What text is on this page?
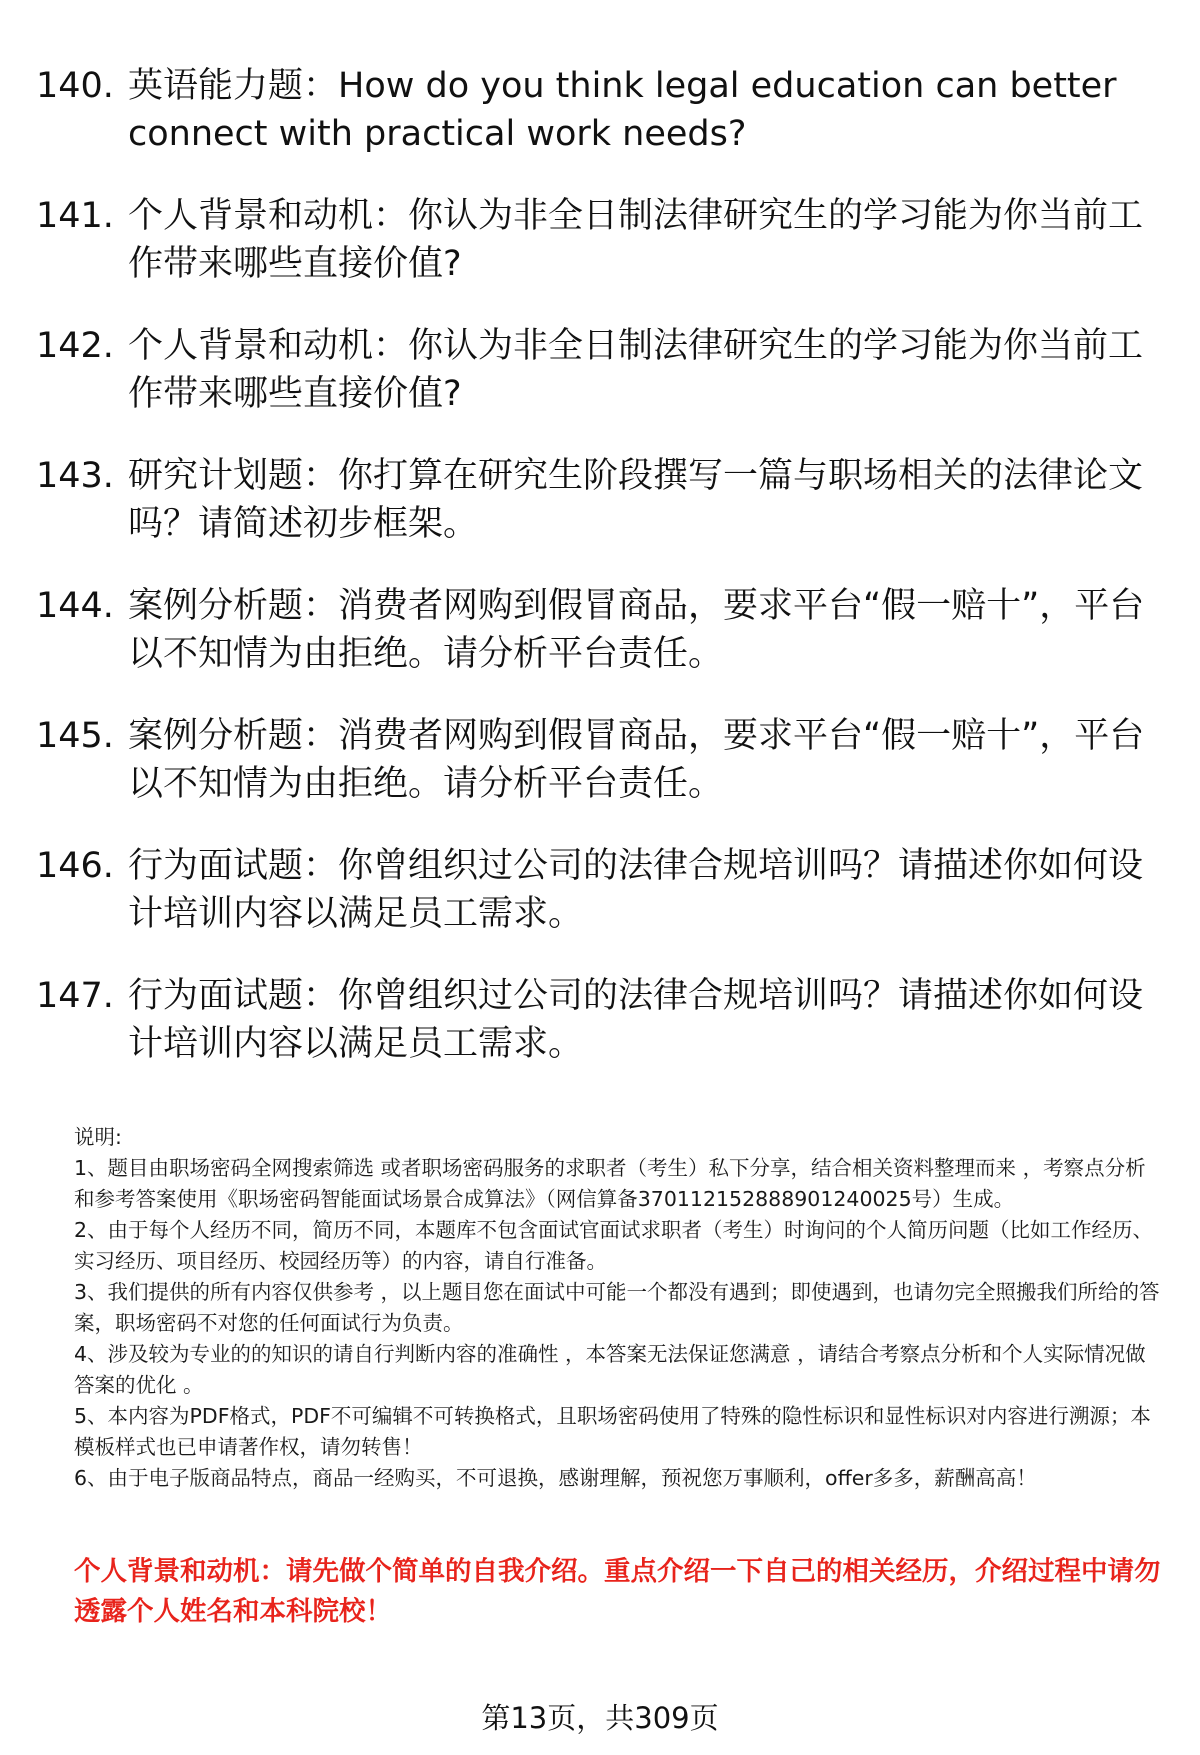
140. 英语能力题：How do you think legal education can better connect with practical work needs?
141. 个人背景和动机：你认为非全日制法律研究生的学习能为你当前工作带来哪些直接价值?
142. 个人背景和动机：你认为非全日制法律研究生的学习能为你当前工作带来哪些直接价值?
143. 研究计划题：你打算在研究生阶段撰写一篇与职场相关的法律论文吗？请简述初步框架。
144. 案例分析题：消费者网购到假冒商品，要求平台“假一赔十”，平台以不知情为由拒绝。请分析平台责任。
145. 案例分析题：消费者网购到假冒商品，要求平台“假一赔十”，平台以不知情为由拒绝。请分析平台责任。
146. 行为面试题：你曾组织过公司的法律合规培训吗？请描述你如何设计培训内容以满足员工需求。
147. 行为面试题：你曾组织过公司的法律合规培训吗？请描述你如何设计培训内容以满足员工需求。

说明:

1、题目由职场密码全网搜索筛选 或者职场密码服务的求职者（考生）私下分享，结合相关资料整理而来 ，考察点分析和参考答案使用《职场密码智能面试场景合成算法》（网信算备370112152888901240025号）生成。

2、由于每个人经历不同，简历不同，本题库不包含面试官面试求职者（考生）时询问的个人简历问题（比如工作经历、实习经历、项目经历、校园经历等）的内容，请自行准备。

3、我们提供的所有内容仅供参考 ，以上题目您在面试中可能一个都没有遇到；即使遇到，也请勿完全照搬我们所给的答案，职场密码不对您的任何面试行为负责。

4、涉及较为专业的的知识的请自行判断内容的准确性 ，本答案无法保证您满意 ，请结合考察点分析和个人实际情况做答案的优化 。

5、本内容为PDF格式，PDF不可编辑不可转换格式，且职场密码使用了特殊的隐性标识和显性标识对内容进行溯源；本模板样式也已申请著作权，请勿转售！

6、由于电子版商品特点，商品一经购买，不可退换，感谢理解，预祝您万事顺利，offer多多，薪酬高高！

个人背景和动机：请先做个简单的自我介绍。重点介绍一下自己的相关经历，介绍过程中请勿透露个人姓名和本科院校！
第13页，共309页
